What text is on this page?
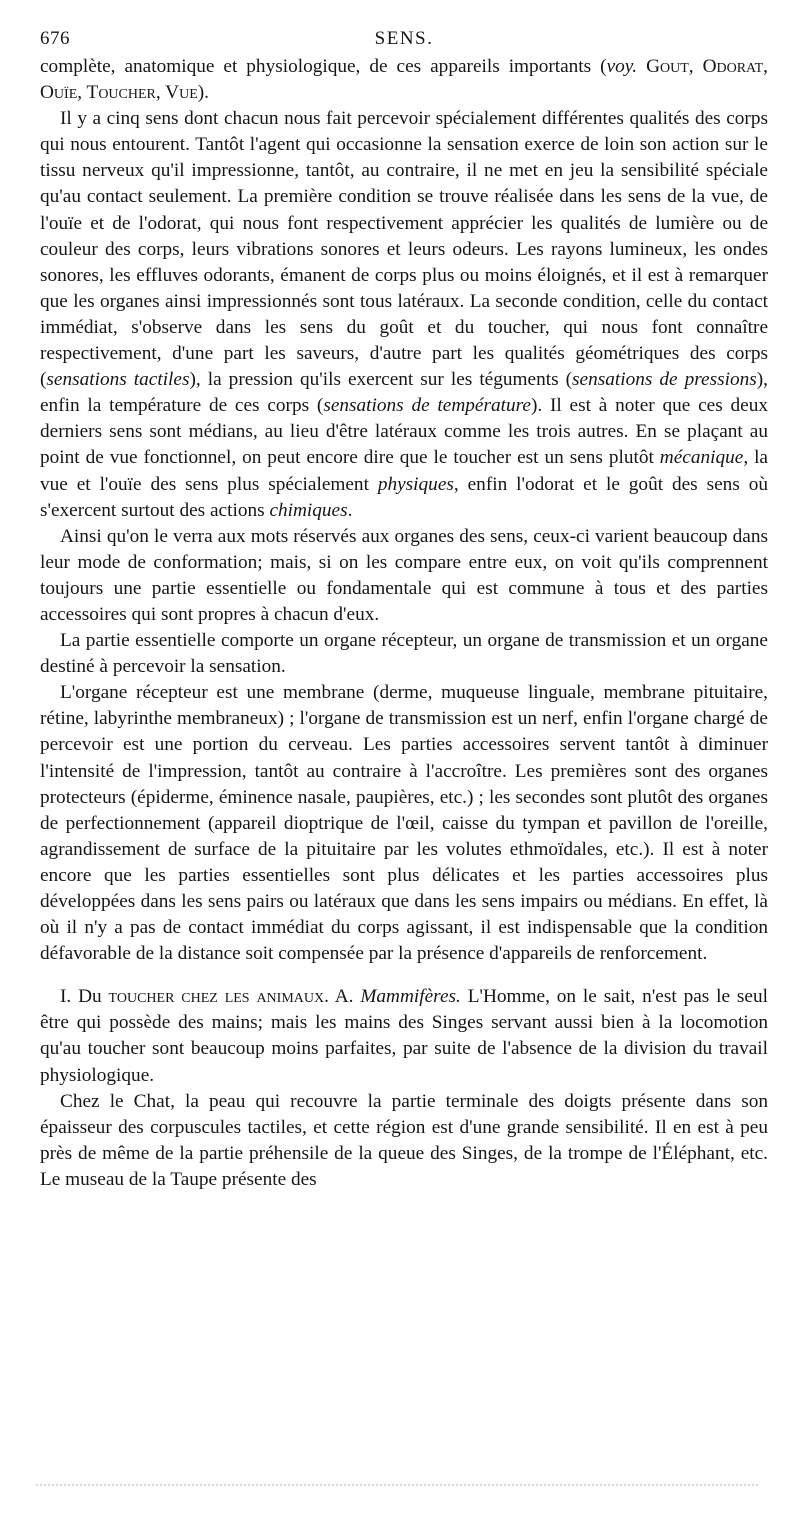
676	SENS.

complète, anatomique et physiologique, de ces appareils importants (voy. Gout, Odorat, Ouïe, Toucher, Vue).

Il y a cinq sens dont chacun nous fait percevoir spécialement différentes qualités des corps qui nous entourent. Tantôt l'agent qui occasionne la sensation exerce de loin son action sur le tissu nerveux qu'il impressionne, tantôt, au contraire, il ne met en jeu la sensibilité spéciale qu'au contact seulement. La première condition se trouve réalisée dans les sens de la vue, de l'ouïe et de l'odorat, qui nous font respectivement apprécier les qualités de lumière ou de couleur des corps, leurs vibrations sonores et leurs odeurs. Les rayons lumineux, les ondes sonores, les effluves odorants, émanent de corps plus ou moins éloignés, et il est à remarquer que les organes ainsi impressionnés sont tous latéraux. La seconde condition, celle du contact immédiat, s'observe dans les sens du goût et du toucher, qui nous font connaître respectivement, d'une part les saveurs, d'autre part les qualités géométriques des corps (sensations tactiles), la pression qu'ils exercent sur les téguments (sensations de pressions), enfin la température de ces corps (sensations de température). Il est à noter que ces deux derniers sens sont médians, au lieu d'être latéraux comme les trois autres. En se plaçant au point de vue fonctionnel, on peut encore dire que le toucher est un sens plutôt mécanique, la vue et l'ouïe des sens plus spécialement physiques, enfin l'odorat et le goût des sens où s'exercent surtout des actions chimiques.

Ainsi qu'on le verra aux mots réservés aux organes des sens, ceux-ci varient beaucoup dans leur mode de conformation; mais, si on les compare entre eux, on voit qu'ils comprennent toujours une partie essentielle ou fondamentale qui est commune à tous et des parties accessoires qui sont propres à chacun d'eux.

La partie essentielle comporte un organe récepteur, un organe de transmission et un organe destiné à percevoir la sensation.

L'organe récepteur est une membrane (derme, muqueuse linguale, membrane pituitaire, rétine, labyrinthe membraneux) ; l'organe de transmission est un nerf, enfin l'organe chargé de percevoir est une portion du cerveau. Les parties accessoires servent tantôt à diminuer l'intensité de l'impression, tantôt au contraire à l'accroître. Les premières sont des organes protecteurs (épiderme, éminence nasale, paupières, etc.) ; les secondes sont plutôt des organes de perfectionnement (appareil dioptrique de l'œil, caisse du tympan et pavillon de l'oreille, agrandissement de surface de la pituitaire par les volutes ethmoïdales, etc.). Il est à noter encore que les parties essentielles sont plus délicates et les parties accessoires plus développées dans les sens pairs ou latéraux que dans les sens impairs ou médians. En effet, là où il n'y a pas de contact immédiat du corps agissant, il est indispensable que la condition défavorable de la distance soit compensée par la présence d'appareils de renforcement.

I. Du toucher chez les animaux. A. Mammifères. L'Homme, on le sait, n'est pas le seul être qui possède des mains; mais les mains des Singes servant aussi bien à la locomotion qu'au toucher sont beaucoup moins parfaites, par suite de l'absence de la division du travail physiologique.

Chez le Chat, la peau qui recouvre la partie terminale des doigts présente dans son épaisseur des corpuscules tactiles, et cette région est d'une grande sensibilité. Il en est à peu près de même de la partie préhensile de la queue des Singes, de la trompe de l'Éléphant, etc. Le museau de la Taupe présente des
